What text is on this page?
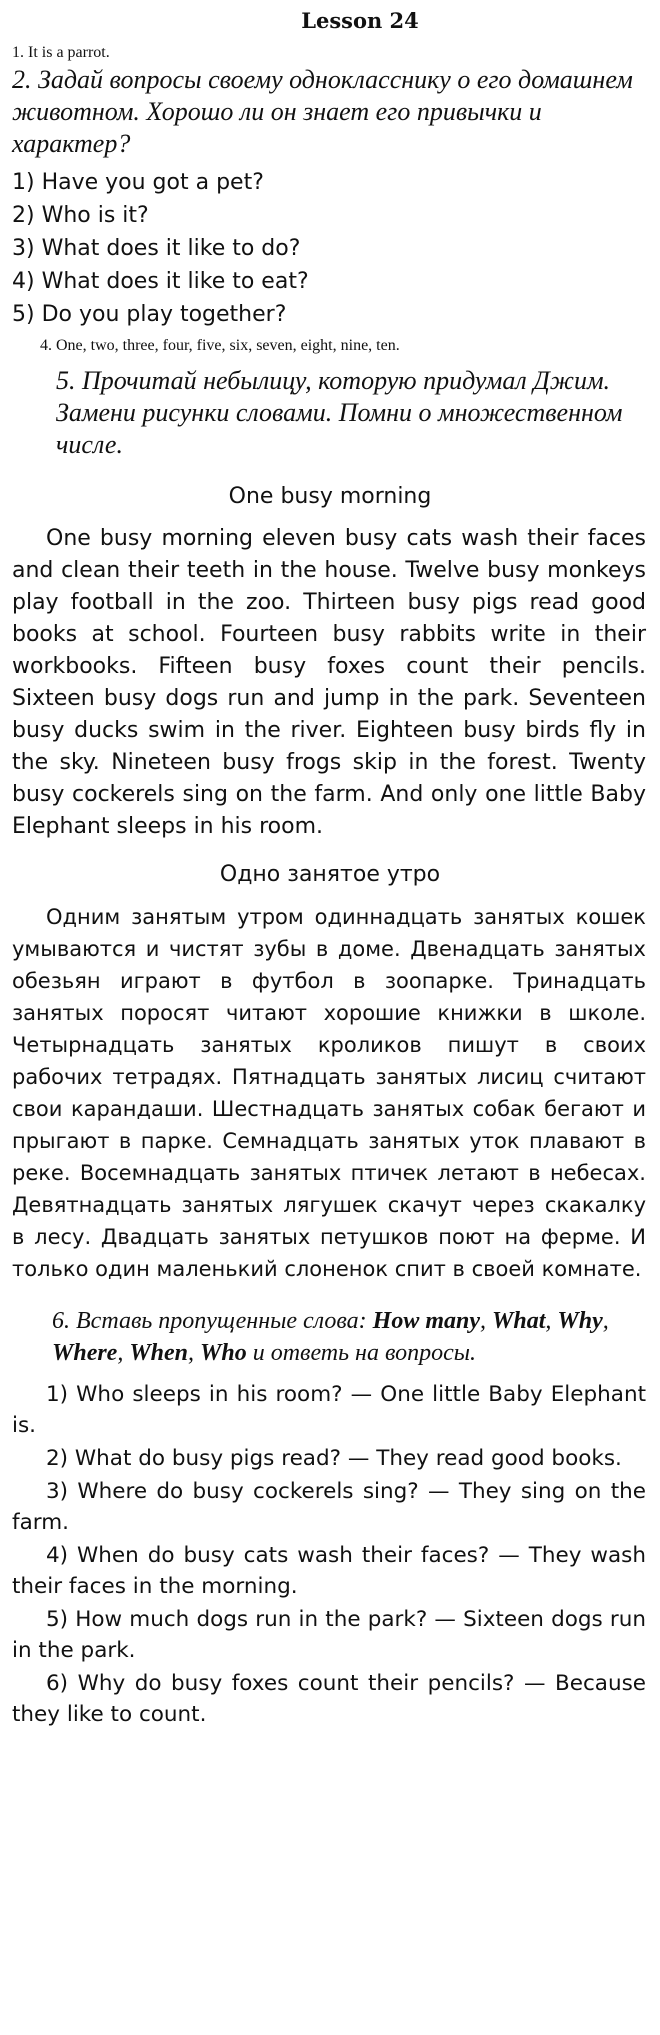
Lesson 24
1. It is a parrot.
2. Задай вопросы своему однокласснику о его домашнем животном. Хорошо ли он знает его привычки и характер?
1) Have you got a pet?
2) Who is it?
3) What does it like to do?
4) What does it like to eat?
5) Do you play together?
4. One, two, three, four, five, six, seven, eight, nine, ten.
5. Прочитай небылицу, которую придумал Джим. Замени рисунки словами. Помни о множественном числе.
One busy morning

One busy morning eleven busy cats wash their faces and clean their teeth in the house. Twelve busy monkeys play football in the zoo. Thirteen busy pigs read good books at school. Fourteen busy rabbits write in their workbooks. Fifteen busy foxes count their pencils. Sixteen busy dogs run and jump in the park. Seventeen busy ducks swim in the river. Eighteen busy birds fly in the sky. Nineteen busy frogs skip in the forest. Twenty busy cockerels sing on the farm. And only one little Baby Elephant sleeps in his room.

Одно занятое утро

Одним занятым утром одиннадцать занятых кошек умываются и чистят зубы в доме. Двенадцать занятых обезьян играют в футбол в зоопарке. Тринадцать занятых поросят читают хорошие книжки в школе. Четырнадцать занятых кроликов пишут в своих рабочих тетрадях. Пятнадцать занятых лисиц считают свои карандаши. Шестнадцать занятых собак бегают и прыгают в парке. Семнадцать занятых уток плавают в реке. Восемнадцать занятых птичек летают в небесах. Девятнадцать занятых лягушек скачут через скакалку в лесу. Двадцать занятых петушков поют на ферме. И только один маленький слоненок спит в своей комнате.

6. Вставь пропущенные слова: How many, What, Why, Where, When, Who и ответь на вопросы.
1) Who sleeps in his room? — One little Baby Elephant is.
2) What do busy pigs read? — They read good books.
3) Where do busy cockerels sing? — They sing on the farm.
4) When do busy cats wash their faces? — They wash their faces in the morning.
5) How much dogs run in the park? — Sixteen dogs run in the park.
6) Why do busy foxes count their pencils? — Because they like to count.
